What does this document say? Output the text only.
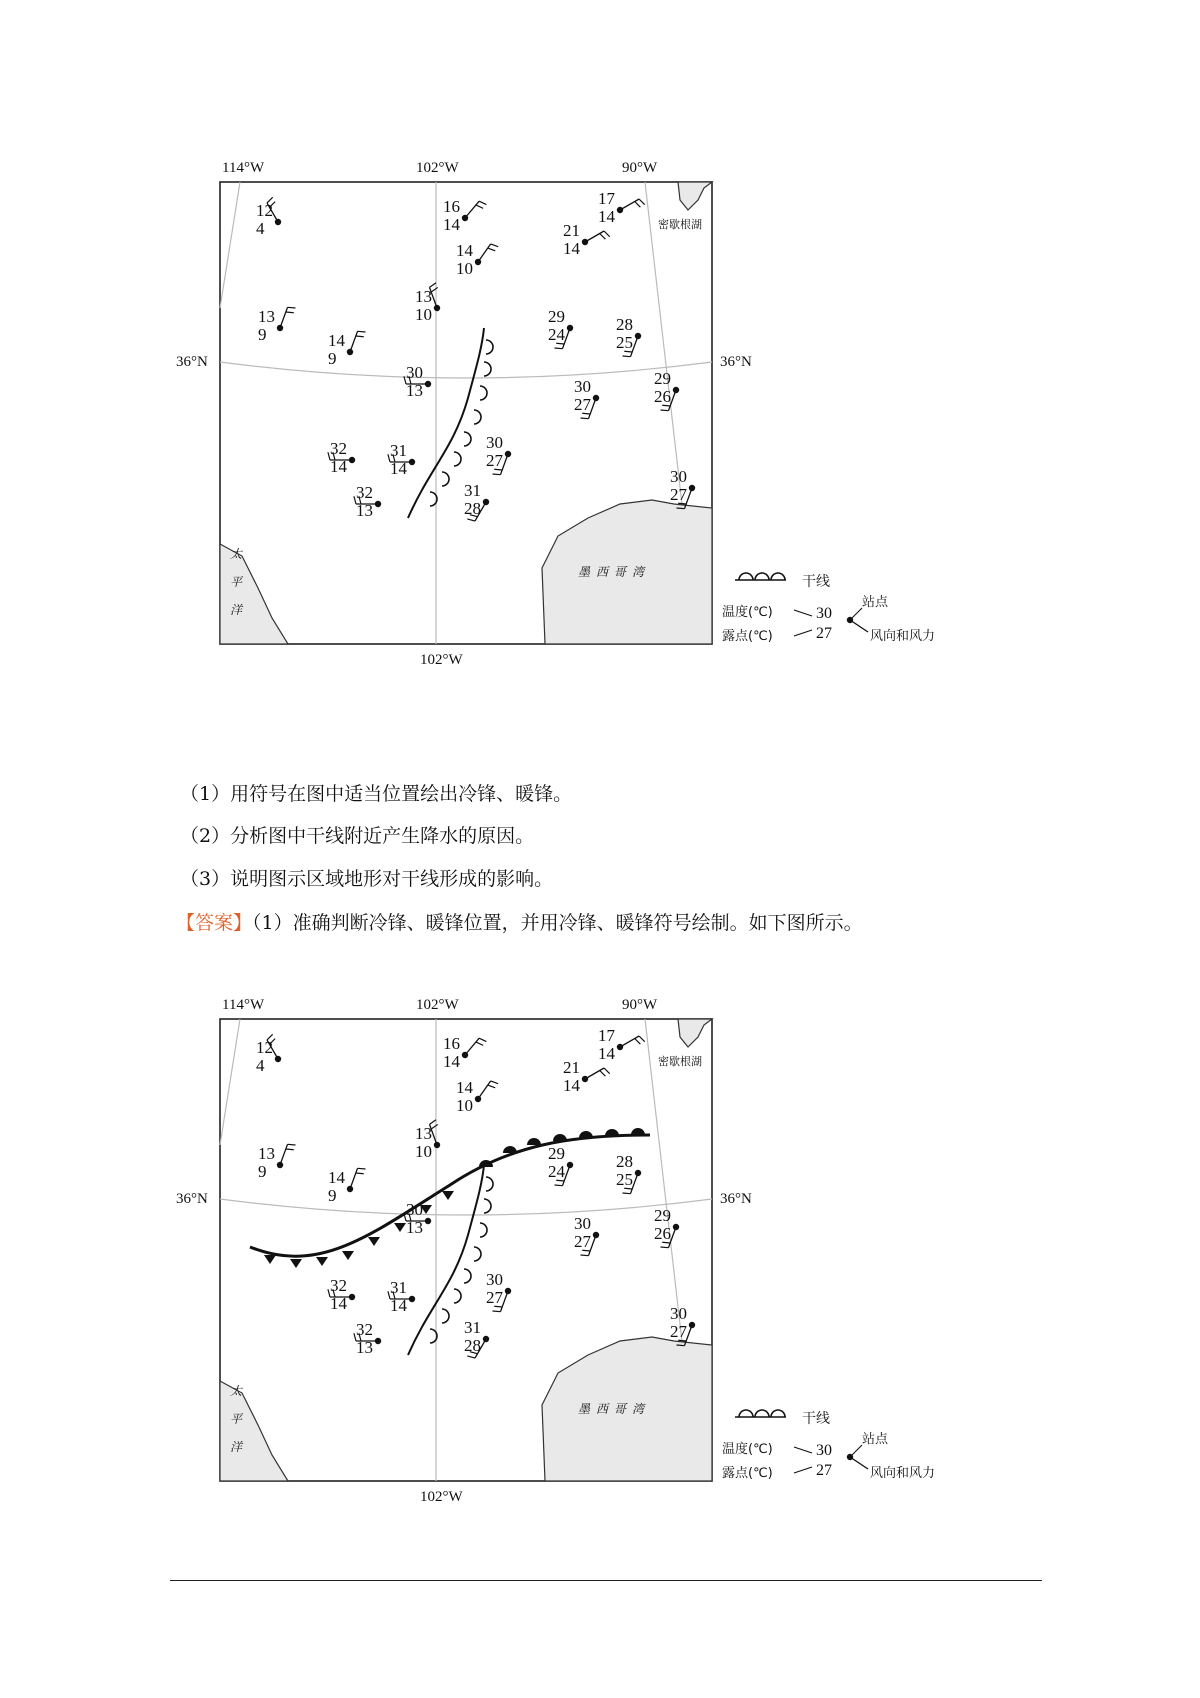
114°W	102°W	90°W
102°W
36°N	36°N
密歇根湖
墨西哥湾
太
平
洋
12
4
16
14
14
10
17
14
21
14
13
9	14
9
13
10	29
24
28
25
30
13	30
27
29
26
30
27
32
14
31
14
31
28
32
13
30
27
干线
温度(℃)
露点(℃)
30
27
站点
风向和风力

（1）用符号在图中适当位置绘出冷锋、暖锋。

（2）分析图中干线附近产生降水的原因。

（3）说明图示区域地形对干线形成的影响。

【答案】（1）准确判断冷锋、暖锋位置，并用冷锋、暖锋符号绘制。如下图所示。

114°W	102°W	90°W
102°W
36°N	36°N
密歇根湖
墨西哥湾
太
平
洋
12
4
16
14
14
10
17
14
21
14
13
9	14
9
13
10	29
24
28
25
30
13	30
27
29
26
30
27
32
14
31
14
31
28
32
13
30
27
干线
温度(℃)
露点(℃)
30
27
站点
风向和风力
